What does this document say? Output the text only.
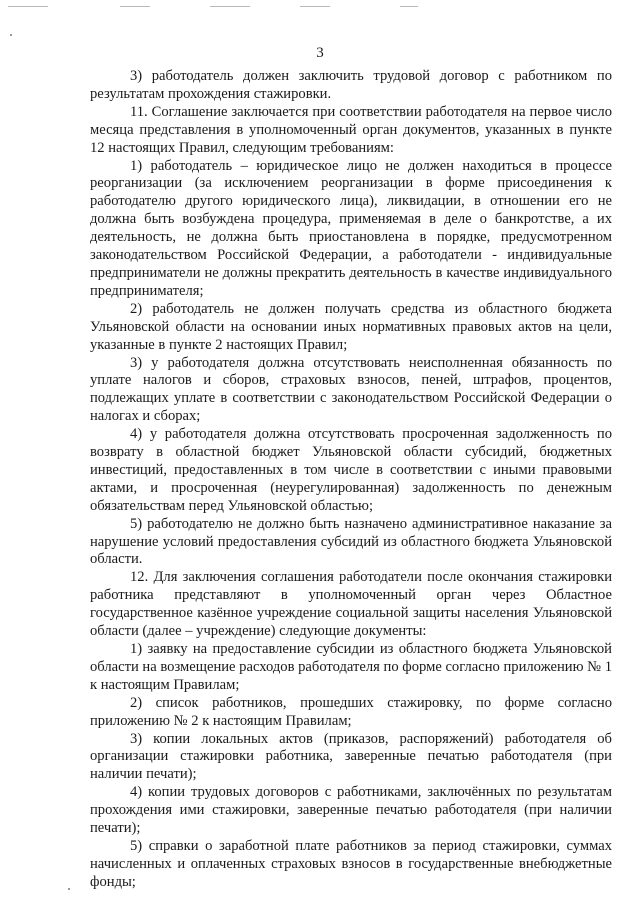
3

3) работодатель должен заключить трудовой договор с работником по результатам прохождения стажировки.

11. Соглашение заключается при соответствии работодателя на первое число месяца представления в уполномоченный орган документов, указанных в пункте 12 настоящих Правил, следующим требованиям:

1) работодатель – юридическое лицо не должен находиться в процессе реорганизации (за исключением реорганизации в форме присоединения к работодателю другого юридического лица), ликвидации, в отношении его не должна быть возбуждена процедура, применяемая в деле о банкротстве, а их деятельность, не должна быть приостановлена в порядке, предусмотренном законодательством Российской Федерации, а работодатели - индивидуальные предприниматели не должны прекратить деятельность в качестве индивидуального предпринимателя;

2) работодатель не должен получать средства из областного бюджета Ульяновской области на основании иных нормативных правовых актов на цели, указанные в пункте 2 настоящих Правил;

3) у работодателя должна отсутствовать неисполненная обязанность по уплате налогов и сборов, страховых взносов, пеней, штрафов, процентов, подлежащих уплате в соответствии с законодательством Российской Федерации о налогах и сборах;

4) у работодателя должна отсутствовать просроченная задолженность по возврату в областной бюджет Ульяновской области субсидий, бюджетных инвестиций, предоставленных в том числе в соответствии с иными правовыми актами, и просроченная (неурегулированная) задолженность по денежным обязательствам перед Ульяновской областью;

5) работодателю не должно быть назначено административное наказание за нарушение условий предоставления субсидий из областного бюджета Ульяновской области.

12. Для заключения соглашения работодатели после окончания стажировки работника представляют в уполномоченный орган через Областное государственное казённое учреждение социальной защиты населения Ульяновской области (далее – учреждение) следующие документы:

1) заявку на предоставление субсидии из областного бюджета Ульяновской области на возмещение расходов работодателя по форме согласно приложению № 1 к настоящим Правилам;

2) список работников, прошедших стажировку, по форме согласно приложению № 2 к настоящим Правилам;

3) копии локальных актов (приказов, распоряжений) работодателя об организации стажировки работника, заверенные печатью работодателя (при наличии печати);

4) копии трудовых договоров с работниками, заключённых по результатам прохождения ими стажировки, заверенные печатью работодателя (при наличии печати);

5) справки о заработной плате работников за период стажировки, суммах начисленных и оплаченных страховых взносов в государственные внебюджетные фонды;
